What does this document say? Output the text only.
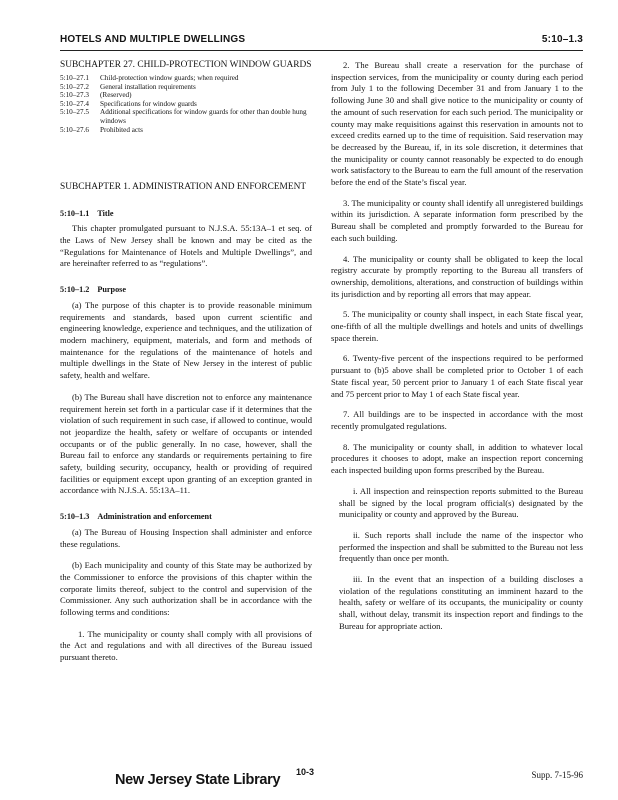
HOTELS AND MULTIPLE DWELLINGS	5:10–1.3

SUBCHAPTER 27. CHILD-PROTECTION WINDOW GUARDS

5:10–27.1	Child-protection window guards; when required
5:10–27.2	General installation requirements
5:10–27.3	(Reserved)
5:10–27.4	Specifications for window guards
5:10–27.5	Additional specifications for window guards for other than double hung windows
5:10–27.6	Prohibited acts

SUBCHAPTER 1. ADMINISTRATION AND ENFORCEMENT

5:10–1.1 Title

This chapter promulgated pursuant to N.J.S.A. 55:13A–1 et seq. of the Laws of New Jersey shall be known and may be cited as the “Regulations for Maintenance of Hotels and Multiple Dwellings”, and are hereinafter referred to as “regulations”.

5:10–1.2 Purpose

(a) The purpose of this chapter is to provide reasonable minimum requirements and standards, based upon current scientific and engineering knowledge, experience and techniques, and the utilization of modern machinery, equipment, materials, and form and methods of maintenance for the regulations of the maintenance of hotels and multiple dwellings in the State of New Jersey in the interest of public safety, health and welfare.

(b) The Bureau shall have discretion not to enforce any maintenance requirement herein set forth in a particular case if it determines that the violation of such requirement in such case, if allowed to continue, would not jeopardize the health, safety or welfare of occupants or intended occupants or of the public generally. In no case, however, shall the Bureau fail to enforce any standards or requirements pertaining to fire safety, building security, occupancy, health or providing of required facilities or equipment except upon granting of an exception granted in accordance with N.J.S.A. 55:13A–11.

5:10–1.3 Administration and enforcement

(a) The Bureau of Housing Inspection shall administer and enforce these regulations.

(b) Each municipality and county of this State may be authorized by the Commissioner to enforce the provisions of this chapter within the corporate limits thereof, subject to the control and supervision of the Commissioner. Any such authorization shall be in accordance with the following terms and conditions:

1. The municipality or county shall comply with all provisions of the Act and regulations and with all directives of the Bureau issued pursuant thereto.

2. The Bureau shall create a reservation for the purchase of inspection services, from the municipality or county during each period from July 1 to the following December 31 and from January 1 to the following June 30 and shall give notice to the municipality or county of the amount of such reservation for each such period. The municipality or county may make requisitions against this reservation in amounts not to exceed credits earned up to the time of requisition. Said reservation may be decreased by the Bureau, if, in its sole discretion, it determines that the municipality or county cannot reasonably be expected to do enough work satisfactory to the Bureau to earn the full amount of the reservation before the end of the State’s fiscal year.

3. The municipality or county shall identify all unregistered buildings within its jurisdiction. A separate information form prescribed by the Bureau shall be completed and promptly forwarded to the Bureau for each such building.

4. The municipality or county shall be obligated to keep the local registry accurate by promptly reporting to the Bureau all transfers of ownership, demolitions, alterations, and construction of buildings within its jurisdiction and by reporting all errors that may appear.

5. The municipality or county shall inspect, in each State fiscal year, one-fifth of all the multiple dwellings and hotels and units of dwellings space therein.

6. Twenty-five percent of the inspections required to be performed pursuant to (b)5 above shall be completed prior to October 1 of each State fiscal year, 50 percent prior to January 1 of each State fiscal year and 75 percent prior to May 1 of each State fiscal year.

7. All buildings are to be inspected in accordance with the most recently promulgated regulations.

8. The municipality or county shall, in addition to whatever local procedures it chooses to adopt, make an inspection report concerning each inspected building upon forms prescribed by the Bureau.

i. All inspection and reinspection reports submitted to the Bureau shall be signed by the local program official(s) designated by the municipality or county and approved by the Bureau.

ii. Such reports shall include the name of the inspector who performed the inspection and shall be submitted to the Bureau not less frequently than once per month.

iii. In the event that an inspection of a building discloses a violation of the regulations constituting an imminent hazard to the health, safety or welfare of its occupants, the municipality or county shall, without delay, transmit its inspection report and findings to the Bureau for appropriate action.

New Jersey State Library 10-3	Supp. 7-15-96
